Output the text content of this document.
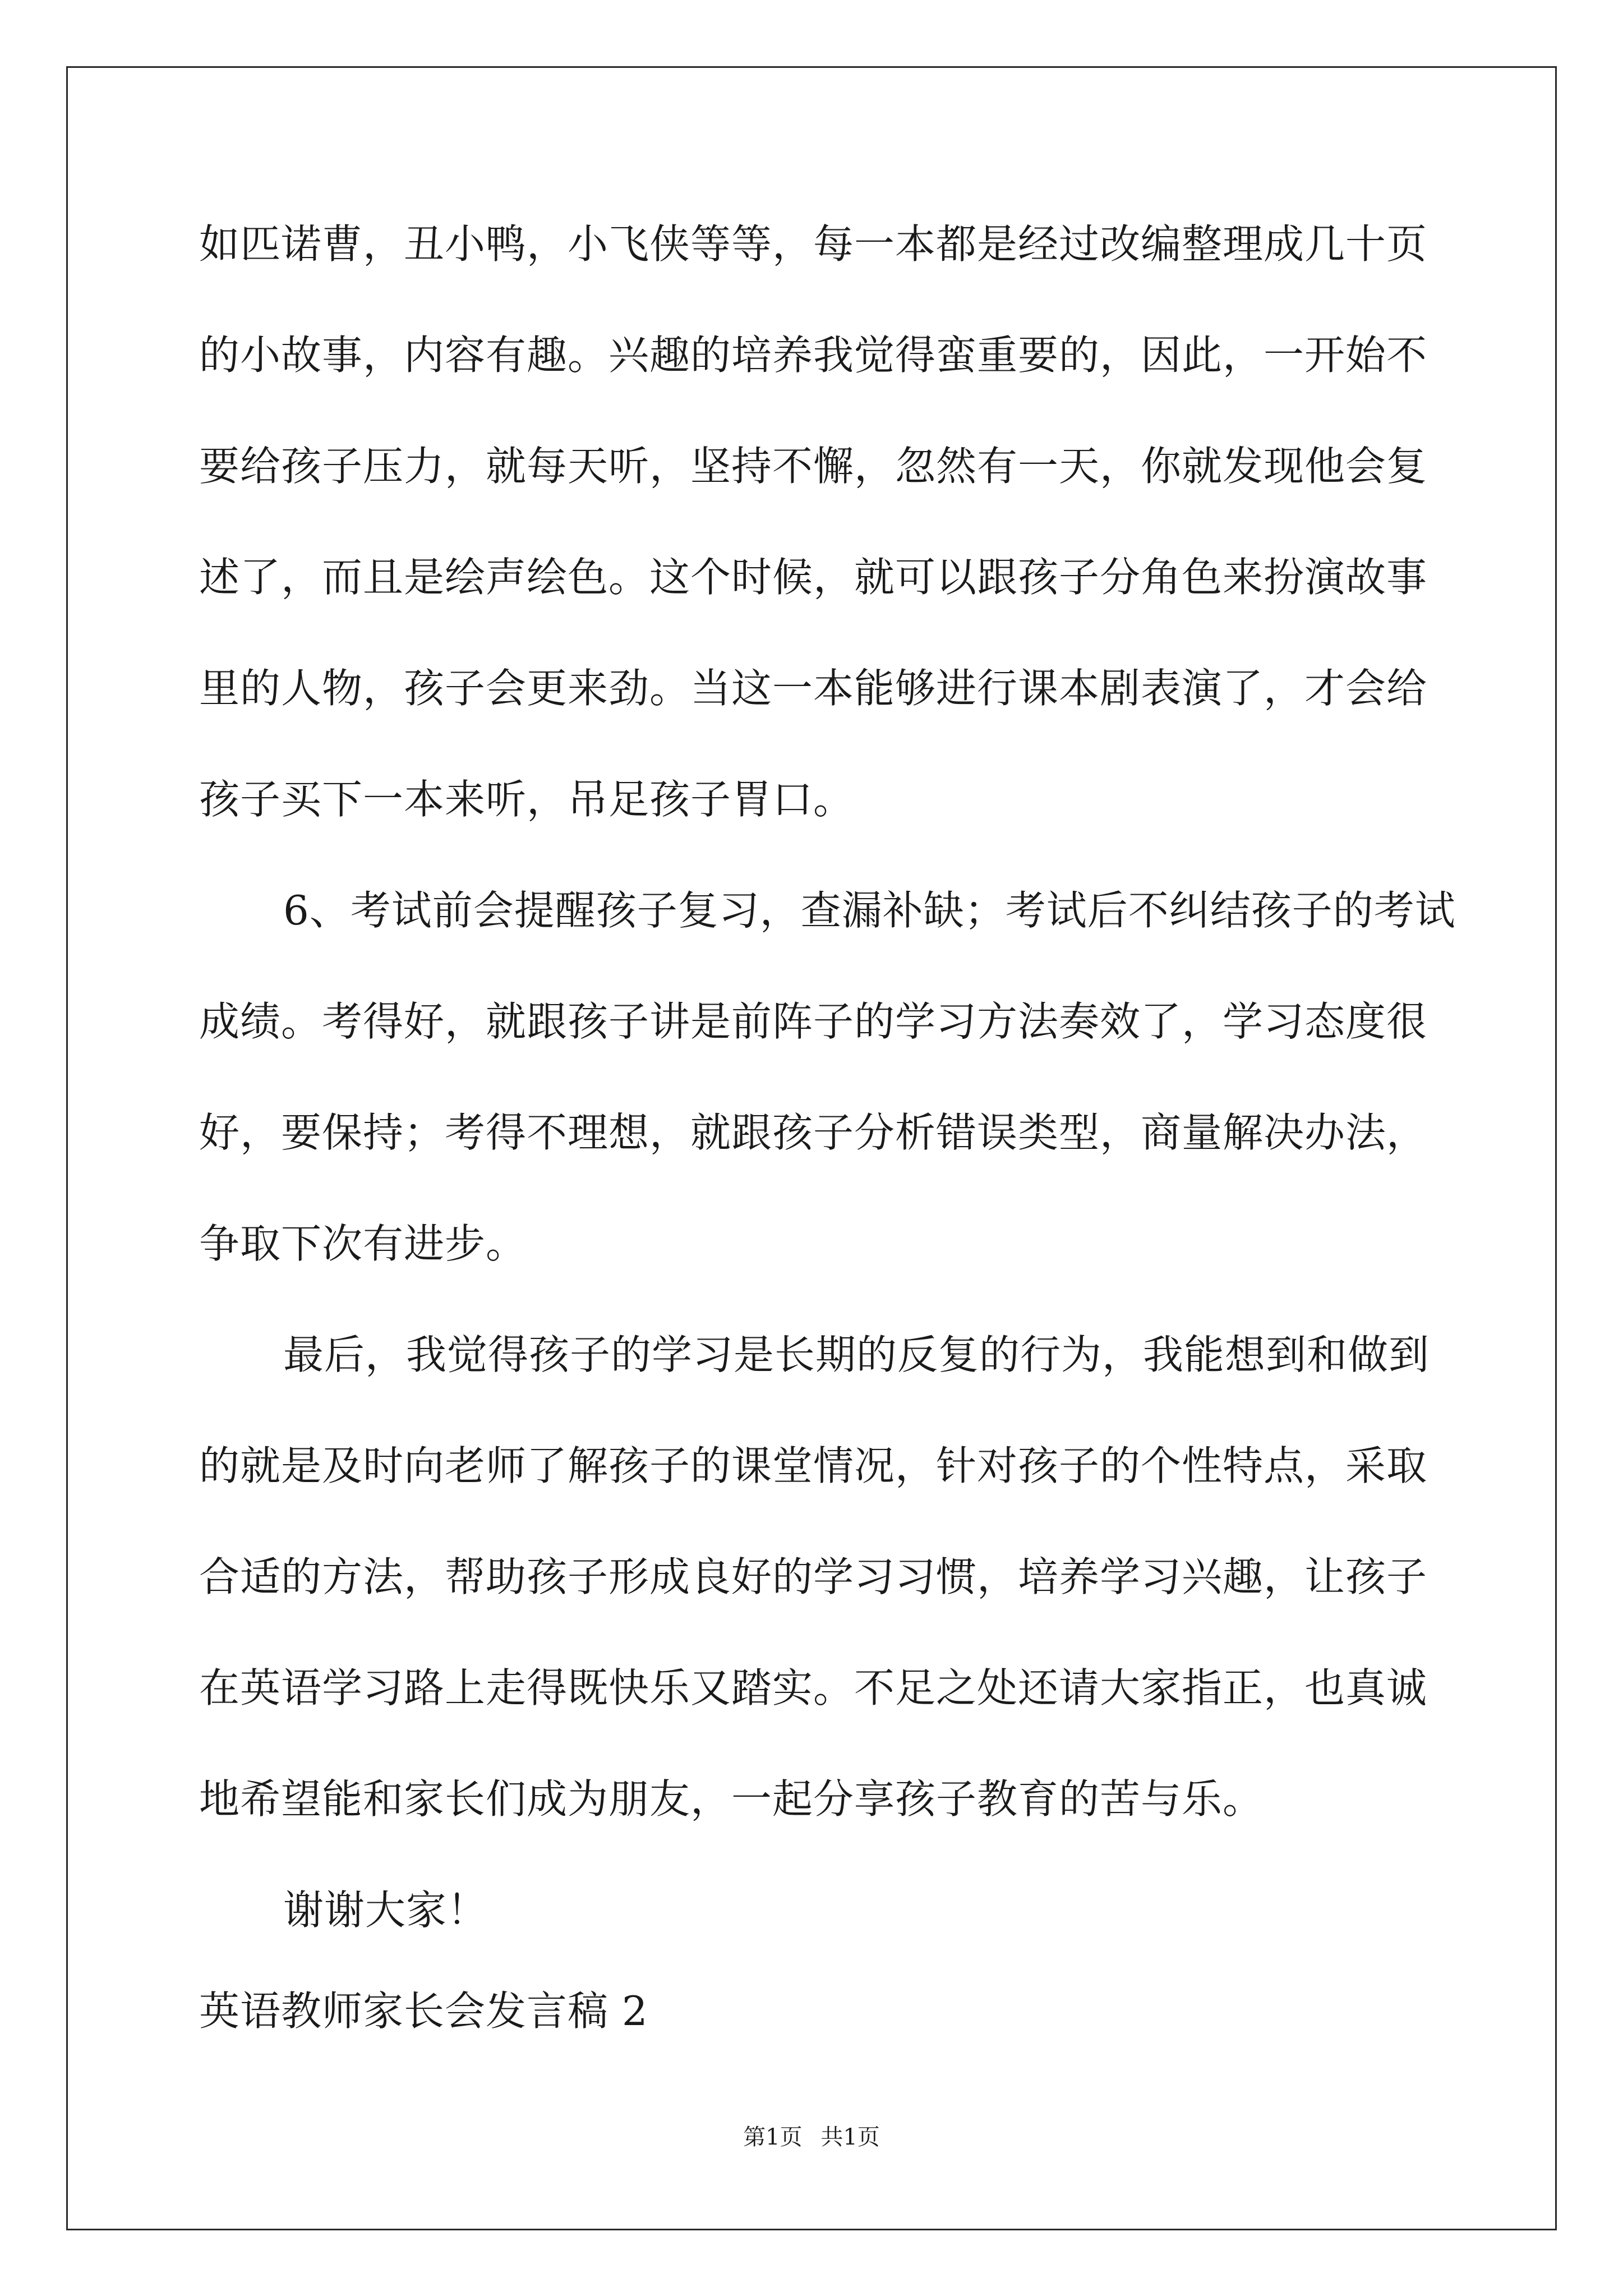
如匹诺曹，丑小鸭，小飞侠等等，每一本都是经过改编整理成几十页
的小故事，内容有趣。兴趣的培养我觉得蛮重要的，因此，一开始不
要给孩子压力，就每天听，坚持不懈，忽然有一天，你就发现他会复
述了，而且是绘声绘色。这个时候，就可以跟孩子分角色来扮演故事
里的人物，孩子会更来劲。当这一本能够进行课本剧表演了，才会给
孩子买下一本来听，吊足孩子胃口。
6、考试前会提醒孩子复习，查漏补缺；考试后不纠结孩子的考试
成绩。考得好，就跟孩子讲是前阵子的学习方法奏效了，学习态度很
好，要保持；考得不理想，就跟孩子分析错误类型，商量解决办法，
争取下次有进步。
最后，我觉得孩子的学习是长期的反复的行为，我能想到和做到
的就是及时向老师了解孩子的课堂情况，针对孩子的个性特点，采取
合适的方法，帮助孩子形成良好的学习习惯，培养学习兴趣，让孩子
在英语学习路上走得既快乐又踏实。不足之处还请大家指正，也真诚
地希望能和家长们成为朋友，一起分享孩子教育的苦与乐。
谢谢大家！
英语教师家长会发言稿 2
第1页 共1页
